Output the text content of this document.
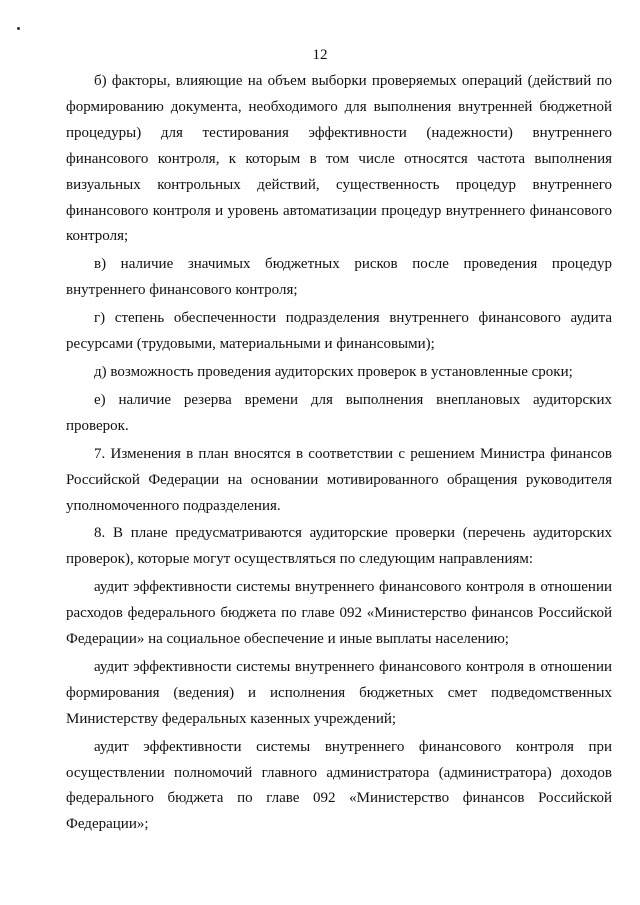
12

б) факторы, влияющие на объем выборки проверяемых операций (действий по формированию документа, необходимого для выполнения внутренней бюджетной процедуры) для тестирования эффективности (надежности) внутреннего финансового контроля, к которым в том числе относятся частота выполнения визуальных контрольных действий, существенность процедур внутреннего финансового контроля и уровень автоматизации процедур внутреннего финансового контроля;

в) наличие значимых бюджетных рисков после проведения процедур внутреннего финансового контроля;

г) степень обеспеченности подразделения внутреннего финансового аудита ресурсами (трудовыми, материальными и финансовыми);

д) возможность проведения аудиторских проверок в установленные сроки;

е) наличие резерва времени для выполнения внеплановых аудиторских проверок.

7. Изменения в план вносятся в соответствии с решением Министра финансов Российской Федерации на основании мотивированного обращения руководителя уполномоченного подразделения.

8. В плане предусматриваются аудиторские проверки (перечень аудиторских проверок), которые могут осуществляться по следующим направлениям:

аудит эффективности системы внутреннего финансового контроля в отношении расходов федерального бюджета по главе 092 «Министерство финансов Российской Федерации» на социальное обеспечение и иные выплаты населению;

аудит эффективности системы внутреннего финансового контроля в отношении формирования (ведения) и исполнения бюджетных смет подведомственных Министерству федеральных казенных учреждений;

аудит эффективности системы внутреннего финансового контроля при осуществлении полномочий главного администратора (администратора) доходов федерального бюджета по главе 092 «Министерство финансов Российской Федерации»;
